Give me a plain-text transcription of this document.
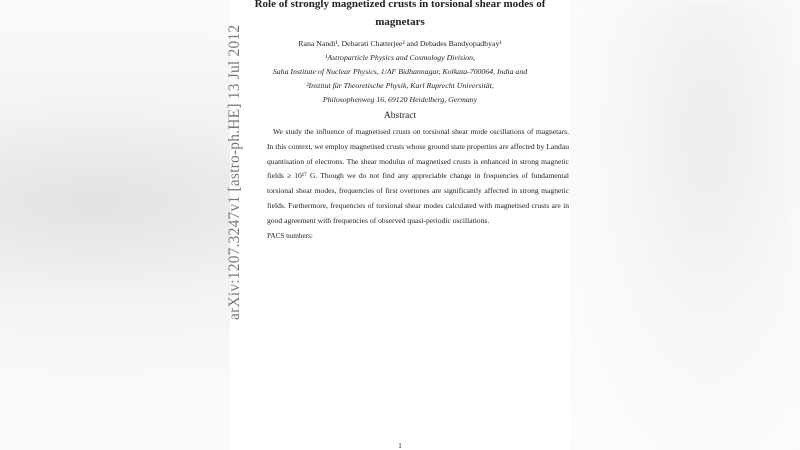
Role of strongly magnetized crusts in torsional shear modes of
magnetars
Rana Nandi¹, Debarati Chatterjee² and Debades Bandyopadhyay¹
¹Astroparticle Physics and Cosmology Division,
Saha Institute of Nuclear Physics, 1/AF Bidhannagar, Kolkata-700064, India and
²Institut für Theoretische Physik, Karl Ruprecht Universität,
Philosophenweg 16, 69120 Heidelberg, Germany
Abstract

We study the influence of magnetised crusts on torsional shear mode oscillations of magnetars. In this context, we employ magnetised crusts whose ground state properties are affected by Landau quantisation of electrons. The shear modulus of magnetised crusts is enhanced in strong magnetic fields ≥ 10¹⁷ G. Though we do not find any appreciable change in frequencies of fundamental torsional shear modes, frequencies of first overtones are significantly affected in strong magnetic fields. Furthermore, frequencies of torsional shear modes calculated with magnetised crusts are in good agreement with frequencies of observed quasi-periodic oscillations.

PACS numbers:
1
arXiv:1207.3247v1 [astro-ph.HE] 13 Jul 2012
